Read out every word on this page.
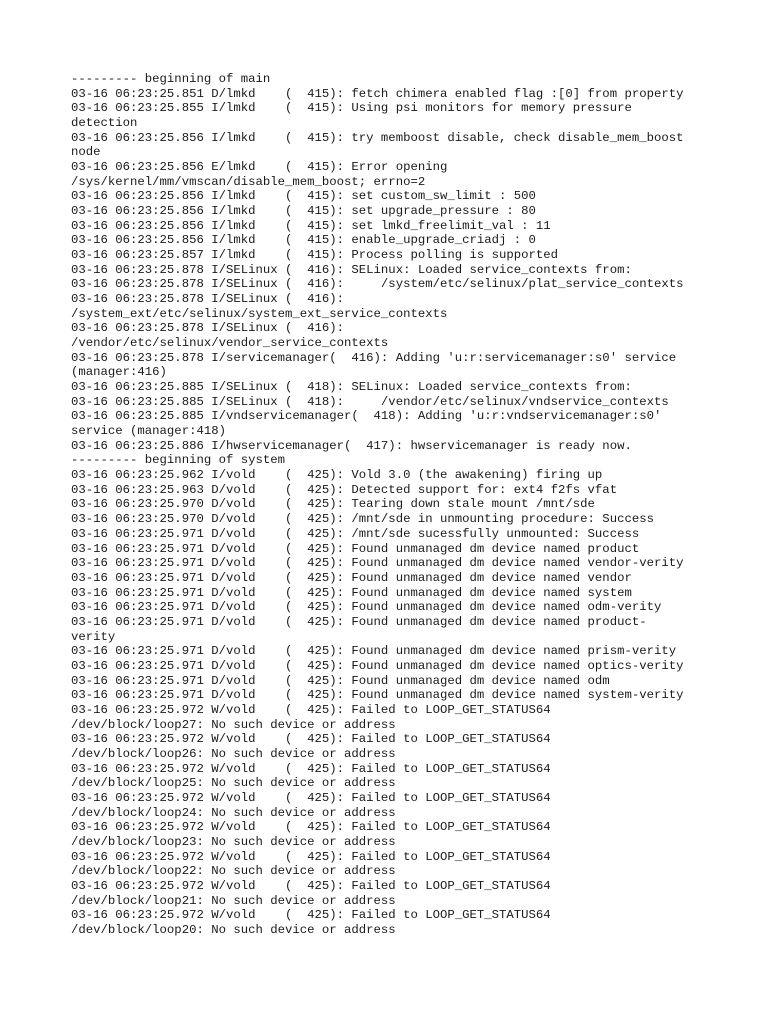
--------- beginning of main
03-16 06:23:25.851 D/lmkd    (  415): fetch chimera enabled flag :[0] from property
03-16 06:23:25.855 I/lmkd    (  415): Using psi monitors for memory pressure
detection
03-16 06:23:25.856 I/lmkd    (  415): try memboost disable, check disable_mem_boost
node
03-16 06:23:25.856 E/lmkd    (  415): Error opening
/sys/kernel/mm/vmscan/disable_mem_boost; errno=2
03-16 06:23:25.856 I/lmkd    (  415): set custom_sw_limit : 500
03-16 06:23:25.856 I/lmkd    (  415): set upgrade_pressure : 80
03-16 06:23:25.856 I/lmkd    (  415): set lmkd_freelimit_val : 11
03-16 06:23:25.856 I/lmkd    (  415): enable_upgrade_criadj : 0
03-16 06:23:25.857 I/lmkd    (  415): Process polling is supported
03-16 06:23:25.878 I/SELinux (  416): SELinux: Loaded service_contexts from:
03-16 06:23:25.878 I/SELinux (  416):     /system/etc/selinux/plat_service_contexts
03-16 06:23:25.878 I/SELinux (  416):
/system_ext/etc/selinux/system_ext_service_contexts
03-16 06:23:25.878 I/SELinux (  416):
/vendor/etc/selinux/vendor_service_contexts
03-16 06:23:25.878 I/servicemanager(  416): Adding 'u:r:servicemanager:s0' service
(manager:416)
03-16 06:23:25.885 I/SELinux (  418): SELinux: Loaded service_contexts from:
03-16 06:23:25.885 I/SELinux (  418):     /vendor/etc/selinux/vndservice_contexts
03-16 06:23:25.885 I/vndservicemanager(  418): Adding 'u:r:vndservicemanager:s0'
service (manager:418)
03-16 06:23:25.886 I/hwservicemanager(  417): hwservicemanager is ready now.
--------- beginning of system
03-16 06:23:25.962 I/vold    (  425): Vold 3.0 (the awakening) firing up
03-16 06:23:25.963 D/vold    (  425): Detected support for: ext4 f2fs vfat
03-16 06:23:25.970 D/vold    (  425): Tearing down stale mount /mnt/sde
03-16 06:23:25.970 D/vold    (  425): /mnt/sde in unmounting procedure: Success
03-16 06:23:25.971 D/vold    (  425): /mnt/sde sucessfully unmounted: Success
03-16 06:23:25.971 D/vold    (  425): Found unmanaged dm device named product
03-16 06:23:25.971 D/vold    (  425): Found unmanaged dm device named vendor-verity
03-16 06:23:25.971 D/vold    (  425): Found unmanaged dm device named vendor
03-16 06:23:25.971 D/vold    (  425): Found unmanaged dm device named system
03-16 06:23:25.971 D/vold    (  425): Found unmanaged dm device named odm-verity
03-16 06:23:25.971 D/vold    (  425): Found unmanaged dm device named product-
verity
03-16 06:23:25.971 D/vold    (  425): Found unmanaged dm device named prism-verity
03-16 06:23:25.971 D/vold    (  425): Found unmanaged dm device named optics-verity
03-16 06:23:25.971 D/vold    (  425): Found unmanaged dm device named odm
03-16 06:23:25.971 D/vold    (  425): Found unmanaged dm device named system-verity
03-16 06:23:25.972 W/vold    (  425): Failed to LOOP_GET_STATUS64
/dev/block/loop27: No such device or address
03-16 06:23:25.972 W/vold    (  425): Failed to LOOP_GET_STATUS64
/dev/block/loop26: No such device or address
03-16 06:23:25.972 W/vold    (  425): Failed to LOOP_GET_STATUS64
/dev/block/loop25: No such device or address
03-16 06:23:25.972 W/vold    (  425): Failed to LOOP_GET_STATUS64
/dev/block/loop24: No such device or address
03-16 06:23:25.972 W/vold    (  425): Failed to LOOP_GET_STATUS64
/dev/block/loop23: No such device or address
03-16 06:23:25.972 W/vold    (  425): Failed to LOOP_GET_STATUS64
/dev/block/loop22: No such device or address
03-16 06:23:25.972 W/vold    (  425): Failed to LOOP_GET_STATUS64
/dev/block/loop21: No such device or address
03-16 06:23:25.972 W/vold    (  425): Failed to LOOP_GET_STATUS64
/dev/block/loop20: No such device or address
